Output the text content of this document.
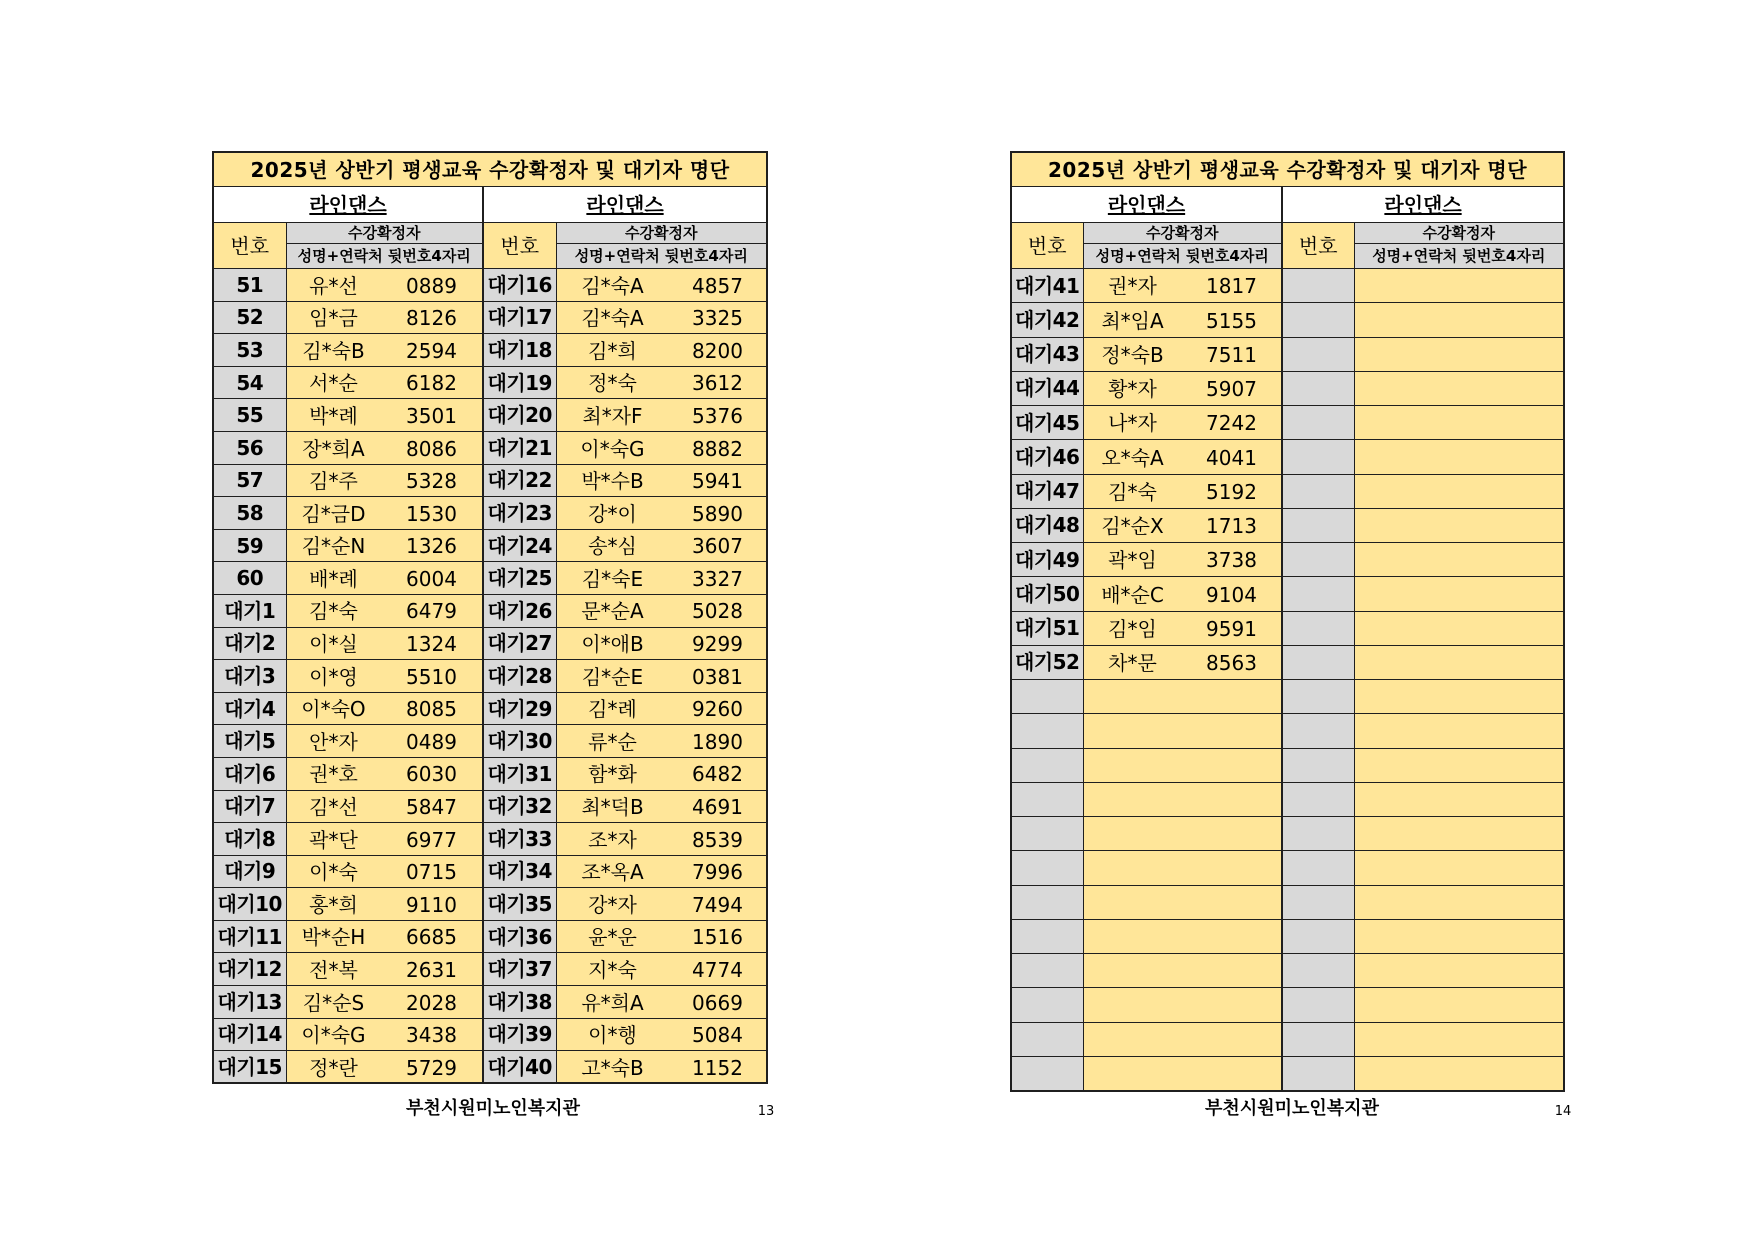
2025년 상반기 평생교육 수강확정자 및 대기자 명단			
라인댄스		라인댄스	
번호	수강확정자	번호	수강확정자
	성명+연락처 뒷번호4자리		성명+연락처 뒷번호4자리
51	유*선 0889	대기16	김*숙A 4857
52	임*금 8126	대기17	김*숙A 3325
53	김*숙B 2594	대기18	김*희 8200
54	서*순 6182	대기19	정*숙 3612
55	박*례 3501	대기20	최*자F 5376
56	장*희A 8086	대기21	이*숙G 8882
57	김*주 5328	대기22	박*수B 5941
58	김*금D 1530	대기23	강*이 5890
59	김*순N 1326	대기24	송*심 3607
60	배*례 6004	대기25	김*숙E 3327
대기1	김*숙 6479	대기26	문*순A 5028
대기2	이*실 1324	대기27	이*애B 9299
대기3	이*영 5510	대기28	김*순E 0381
대기4	이*숙O 8085	대기29	김*례 9260
대기5	안*자 0489	대기30	류*순 1890
대기6	권*호 6030	대기31	함*화 6482
대기7	김*선 5847	대기32	최*덕B 4691
대기8	곽*단 6977	대기33	조*자 8539
대기9	이*숙 0715	대기34	조*옥A 7996
대기10	홍*희 9110	대기35	강*자 7494
대기11	박*순H 6685	대기36	윤*운 1516
대기12	전*복 2631	대기37	지*숙 4774
대기13	김*순S 2028	대기38	유*희A 0669
대기14	이*숙G 3438	대기39	이*행 5084
대기15	정*란 5729	대기40	고*숙B 1152
부천시원미노인복지관	13
2025년 상반기 평생교육 수강확정자 및 대기자 명단			
라인댄스		라인댄스	
번호	수강확정자	번호	수강확정자
	성명+연락처 뒷번호4자리		성명+연락처 뒷번호4자리
대기41	권*자 1817		
대기42	최*임A 5155		
대기43	정*숙B 7511		
대기44	황*자 5907		
대기45	나*자 7242		
대기46	오*숙A 4041		
대기47	김*숙 5192		
대기48	김*순X 1713		
대기49	곽*임 3738		
대기50	배*순C 9104		
대기51	김*임 9591		
대기52	차*문 8563		

부천시원미노인복지관	14
